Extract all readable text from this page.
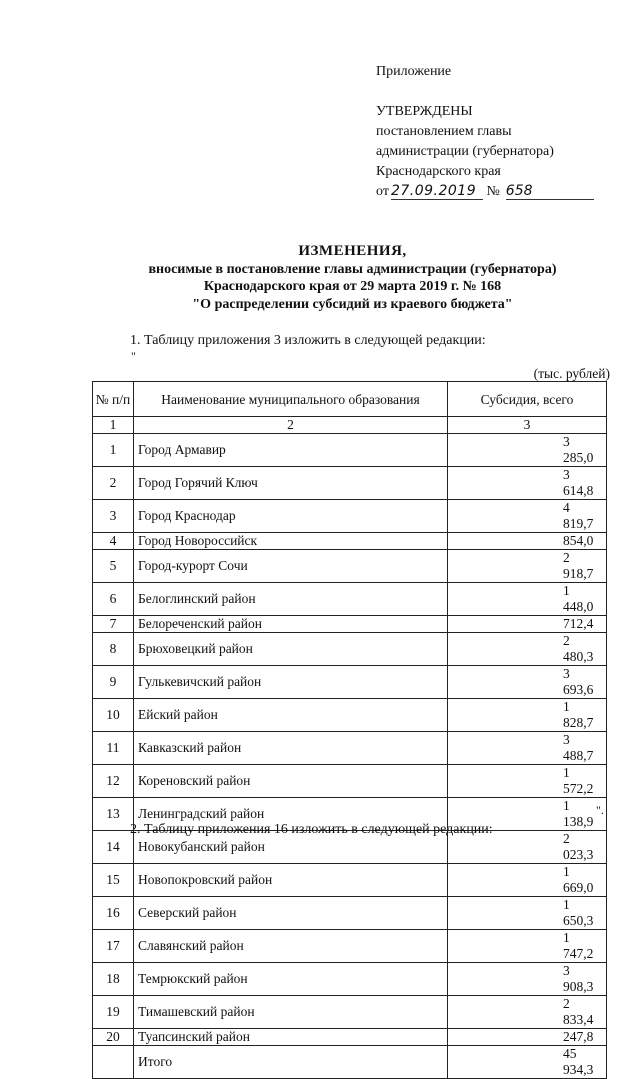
Приложение
УТВЕРЖДЕНЫ
постановлением главы
администрации (губернатора)
Краснодарского края
от 27.09.2019 № 658
ИЗМЕНЕНИЯ,
вносимые в постановление главы администрации (губернатора)
Краснодарского края от 29 марта 2019 г. № 168
"О распределении субсидий из краевого бюджета"
1. Таблицу приложения 3 изложить в следующей редакции:
"
(тыс. рублей)
№ п/п	Наименование муниципального образования	Субсидия, всего
1	2	3
1	Город Армавир	3 285,0
2	Город Горячий Ключ	3 614,8
3	Город Краснодар	4 819,7
4	Город Новороссийск	854,0
5	Город-курорт Сочи	2 918,7
6	Белоглинский район	1 448,0
7	Белореченский район	712,4
8	Брюховецкий район	2 480,3
9	Гулькевичский район	3 693,6
10	Ейский район	1 828,7
11	Кавказский район	3 488,7
12	Кореновский район	1 572,2
13	Ленинградский район	1 138,9
14	Новокубанский район	2 023,3
15	Новопокровский район	1 669,0
16	Северский район	1 650,3
17	Славянский район	1 747,2
18	Темрюкский район	3 908,3
19	Тимашевский район	2 833,4
20	Туапсинский район	247,8
	Итого	45 934,3
".
2. Таблицу приложения 16 изложить в следующей редакции:
